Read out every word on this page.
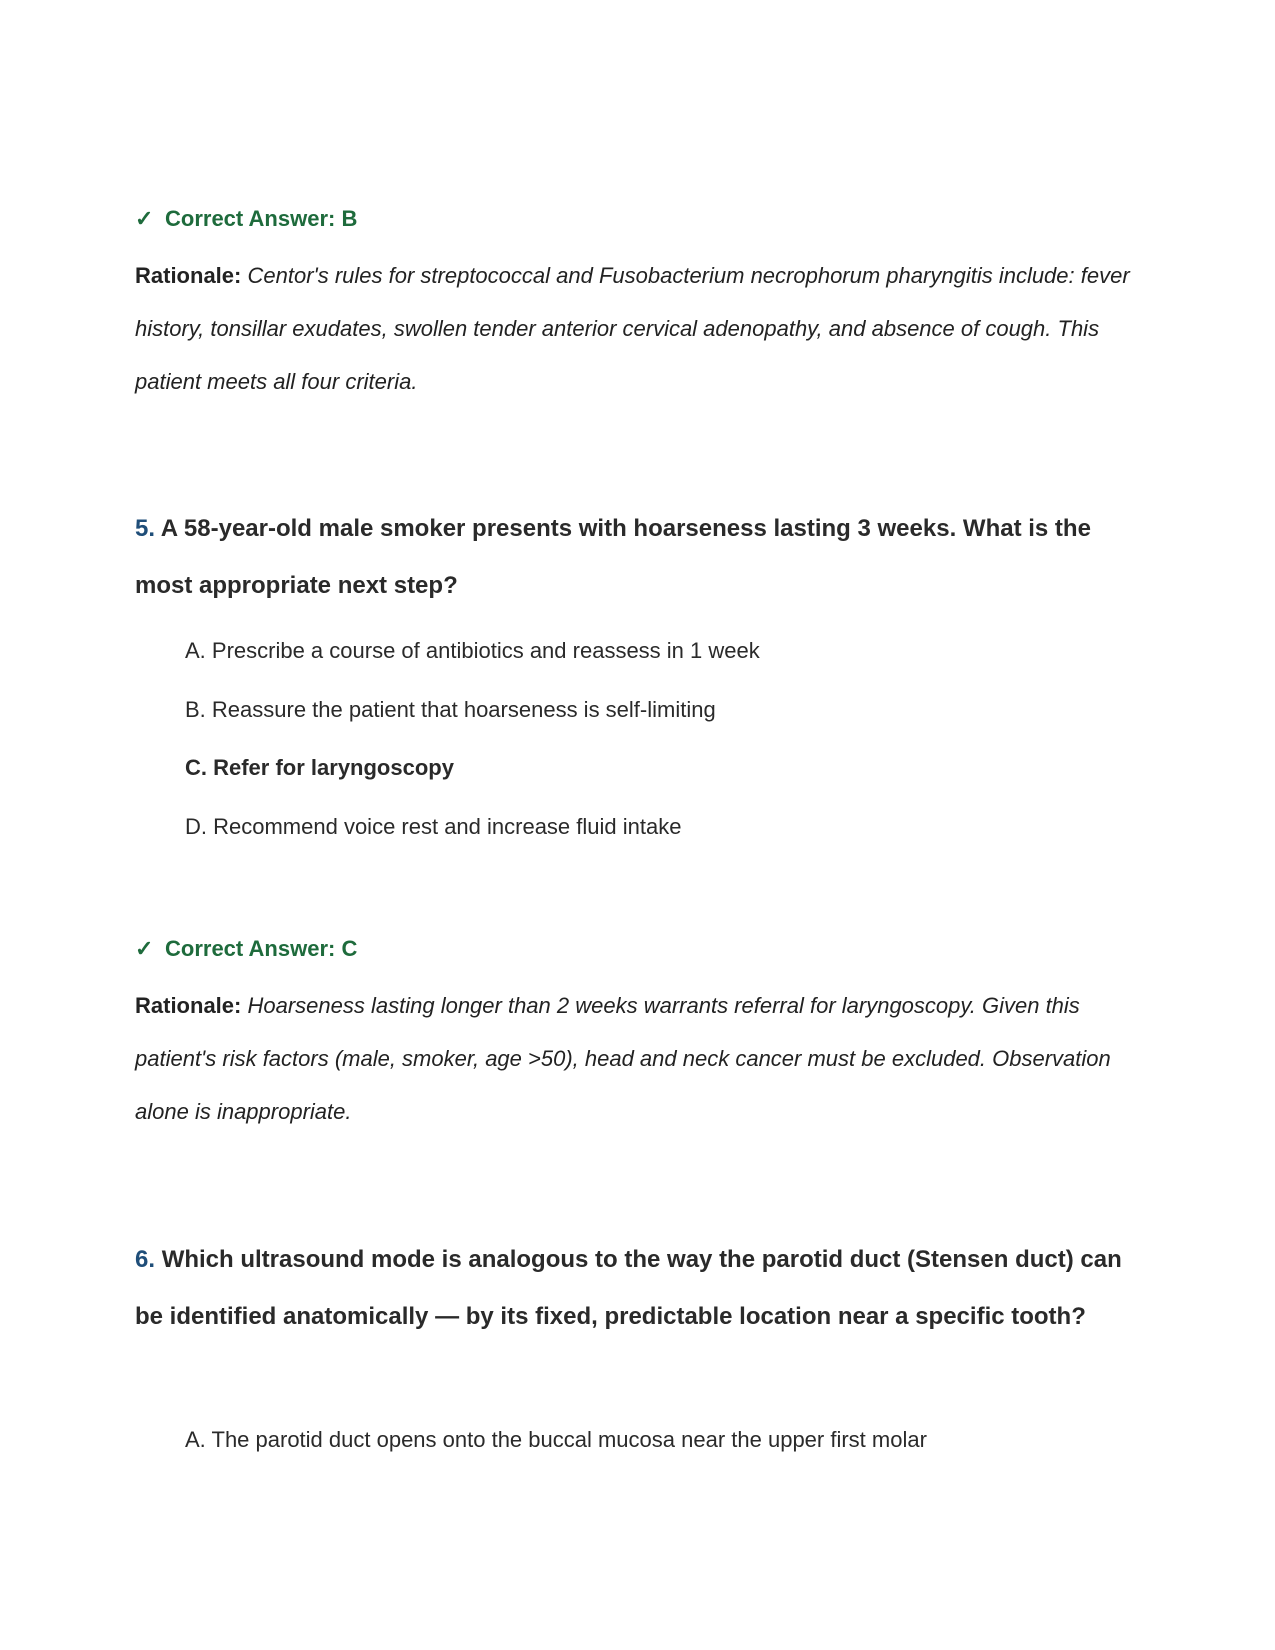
✓ Correct Answer: B
Rationale: Centor's rules for streptococcal and Fusobacterium necrophorum pharyngitis include: fever history, tonsillar exudates, swollen tender anterior cervical adenopathy, and absence of cough. This patient meets all four criteria.
5. A 58-year-old male smoker presents with hoarseness lasting 3 weeks. What is the most appropriate next step?
A. Prescribe a course of antibiotics and reassess in 1 week
B. Reassure the patient that hoarseness is self-limiting
C. Refer for laryngoscopy
D. Recommend voice rest and increase fluid intake
✓ Correct Answer: C
Rationale: Hoarseness lasting longer than 2 weeks warrants referral for laryngoscopy. Given this patient's risk factors (male, smoker, age >50), head and neck cancer must be excluded. Observation alone is inappropriate.
6. Which ultrasound mode is analogous to the way the parotid duct (Stensen duct) can be identified anatomically — by its fixed, predictable location near a specific tooth?
A. The parotid duct opens onto the buccal mucosa near the upper first molar
